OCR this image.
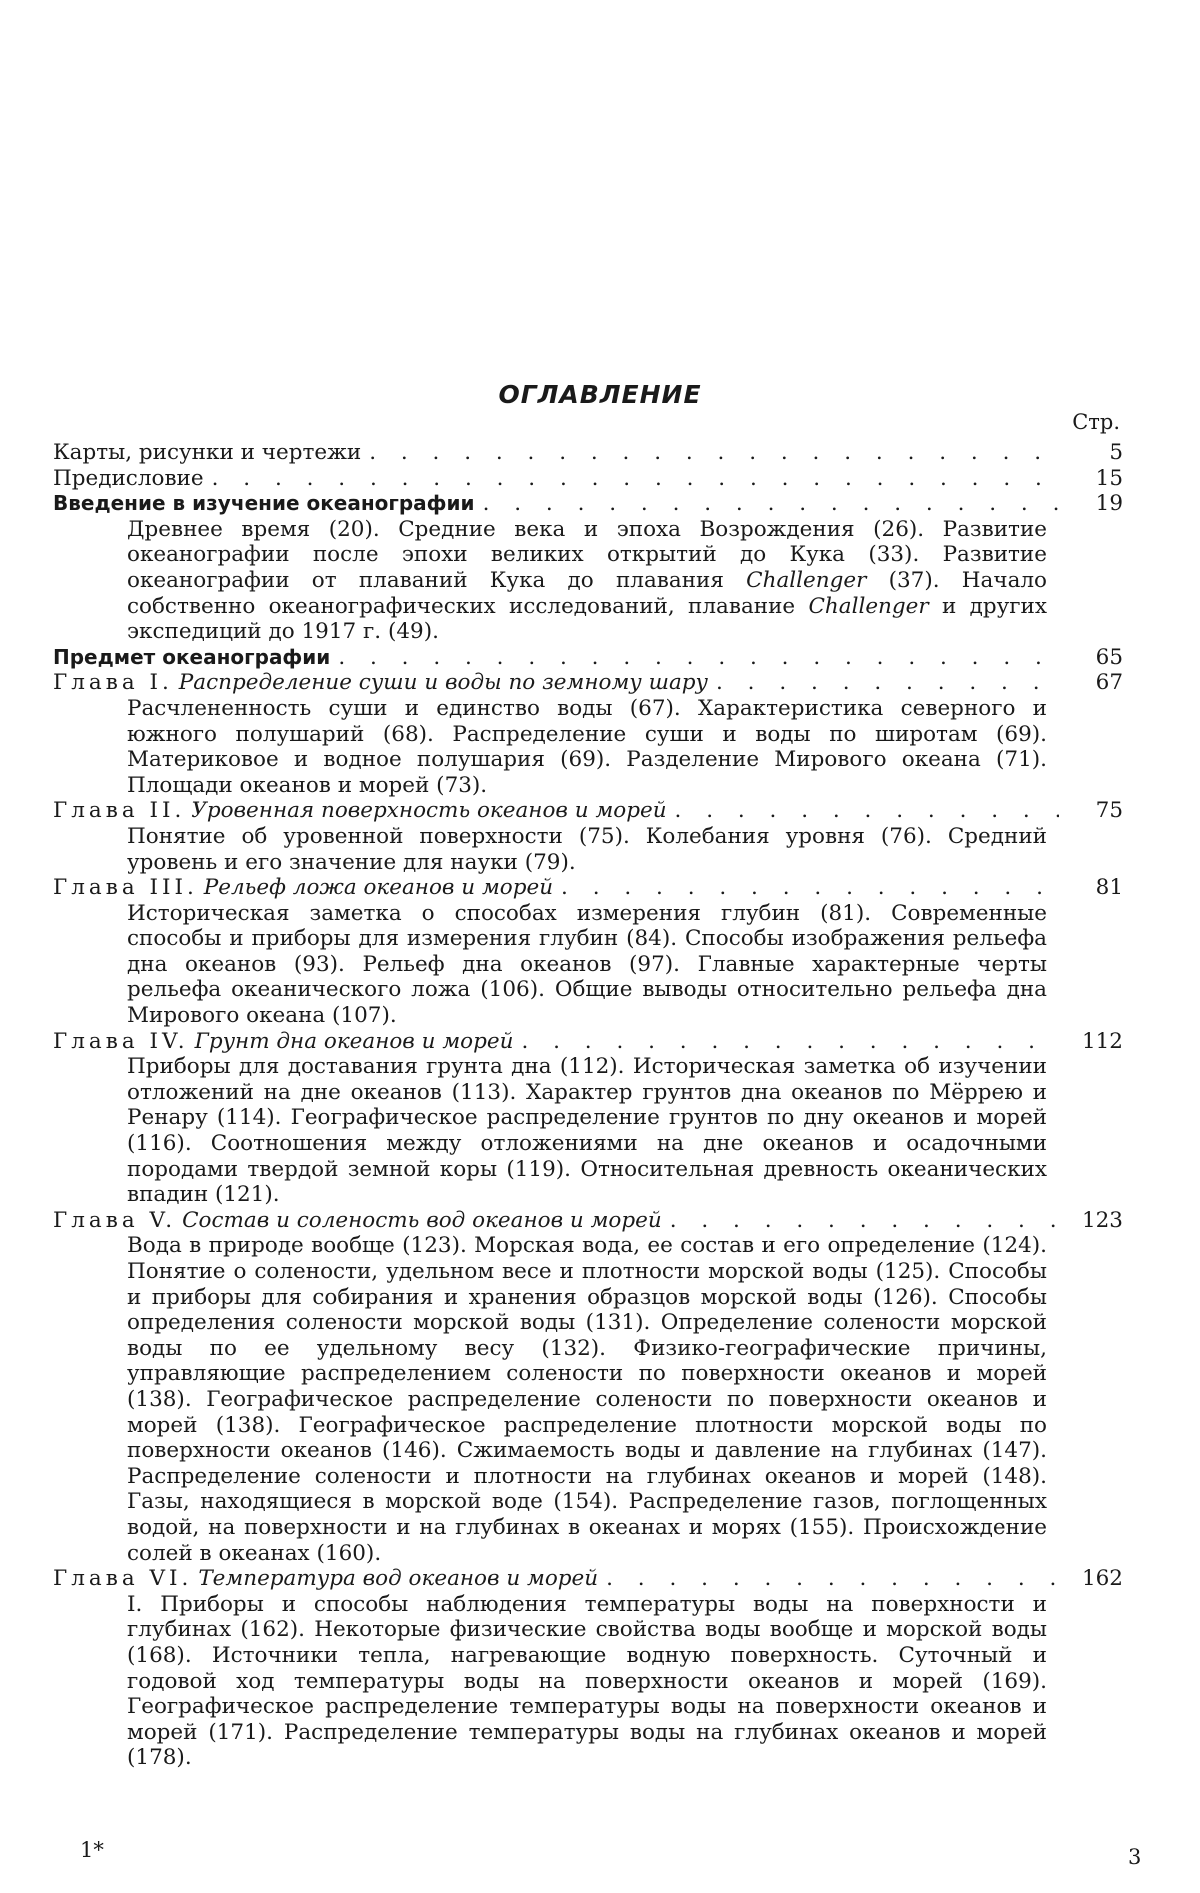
ОГЛАВЛЕНИЕ
Стр.
Карты, рисунки и чертежи . . .	5
Предисловие . . .	15
Введение в изучение океанографии . . .	19
Древнее время (20). Средние века и эпоха Возрождения (26). Развитие океанографии после эпохи великих открытий до Кука (33). Развитие океанографии от плаваний Кука до плавания Challenger (37). Начало собственно океанографических исследований, плавание Challenger и других экспедиций до 1917 г. (49).
Предмет океанографии . . .	65
Глава I. Распределение суши и воды по земному шару . . .	67
Расчлененность суши и единство воды (67). Характеристика северного и южного полушарий (68). Распределение суши и воды по широтам (69). Материковое и водное полушария (69). Разделение Мирового океана (71). Площади океанов и морей (73).
Глава II. Уровенная поверхность океанов и морей . . .	75
Понятие об уровенной поверхности (75). Колебания уровня (76). Средний уровень и его значение для науки (79).
Глава III. Рельеф ложа океанов и морей . . .	81
Историческая заметка о способах измерения глубин (81). Современные способы и приборы для измерения глубин (84). Способы изображения рельефа дна океанов (93). Рельеф дна океанов (97). Главные характерные черты рельефа океанического ложа (106). Общие выводы относительно рельефа дна Мирового океана (107).
Глава IV. Грунт дна океанов и морей . . .	112
Приборы для доставания грунта дна (112). Историческая заметка об изучении отложений на дне океанов (113). Характер грунтов дна океанов по Мёррею и Ренару (114). Географическое распределение грунтов по дну океанов и морей (116). Соотношения между отложениями на дне океанов и осадочными породами твердой земной коры (119). Относительная древность океанических впадин (121).
Глава V. Состав и соленость вод океанов и морей . . .	123
Вода в природе вообще (123). Морская вода, ее состав и его определение (124). Понятие о солености, удельном весе и плотности морской воды (125). Способы и приборы для собирания и хранения образцов морской воды (126). Способы определения солености морской воды (131). Определение солености морской воды по ее удельному весу (132). Физико-географические причины, управляющие распределением солености по поверхности океанов и морей (138). Географическое распределение солености по поверхности океанов и морей (138). Географическое распределение плотности морской воды по поверхности океанов (146). Сжимаемость воды и давление на глубинах (147). Распределение солености и плотности на глубинах океанов и морей (148). Газы, находящиеся в морской воде (154). Распределение газов, поглощенных водой, на поверхности и на глубинах в океанах и морях (155). Происхождение солей в океанах (160).
Глава VI. Температура вод океанов и морей . . .	162
I. Приборы и способы наблюдения температуры воды на поверхности и глубинах (162). Некоторые физические свойства воды вообще и морской воды (168). Источники тепла, нагревающие водную поверхность. Суточный и годовой ход температуры воды на поверхности океанов и морей (169). Географическое распределение температуры воды на поверхности океанов и морей (171). Распределение температуры воды на глубинах океанов и морей (178).
1*	3
